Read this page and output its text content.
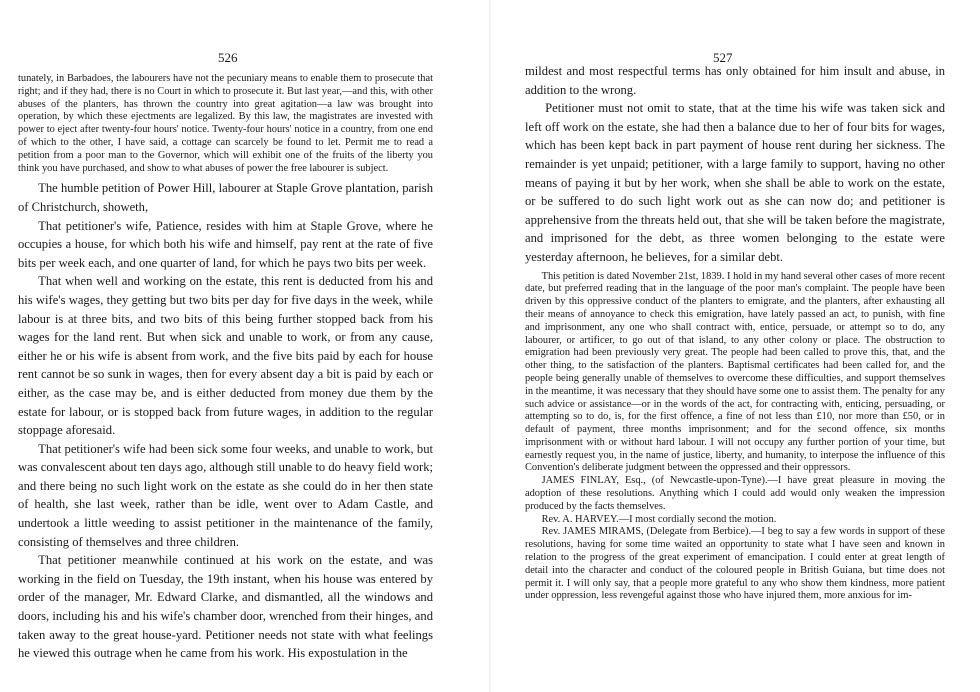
526

tunately, in Barbadoes, the labourers have not the pecuniary means to enable them to prosecute that right; and if they had, there is no Court in which to prosecute it. But last year,—and this, with other abuses of the planters, has thrown the country into great agitation—a law was brought into operation, by which these ejectments are legalized. By this law, the magistrates are invested with power to eject after twenty-four hours' notice. Twenty-four hours' notice in a country, from one end of which to the other, I have said, a cottage can scarcely be found to let. Permit me to read a petition from a poor man to the Governor, which will exhibit one of the fruits of the liberty you think you have purchased, and show to what abuses of power the free labourer is subject.

The humble petition of Power Hill, labourer at Staple Grove plantation, parish of Christchurch, showeth,

That petitioner's wife, Patience, resides with him at Staple Grove, where he occupies a house, for which both his wife and himself, pay rent at the rate of five bits per week each, and one quarter of land, for which he pays two bits per week.

That when well and working on the estate, this rent is deducted from his and his wife's wages, they getting but two bits per day for five days in the week, while labour is at three bits, and two bits of this being further stopped back from his wages for the land rent. But when sick and unable to work, or from any cause, either he or his wife is absent from work, and the five bits paid by each for house rent cannot be so sunk in wages, then for every absent day a bit is paid by each or either, as the case may be, and is either deducted from money due them by the estate for labour, or is stopped back from future wages, in addition to the regular stoppage aforesaid.

That petitioner's wife had been sick some four weeks, and unable to work, but was convalescent about ten days ago, although still unable to do heavy field work; and there being no such light work on the estate as she could do in her then state of health, she last week, rather than be idle, went over to Adam Castle, and undertook a little weeding to assist petitioner in the maintenance of the family, consisting of themselves and three children.

That petitioner meanwhile continued at his work on the estate, and was working in the field on Tuesday, the 19th instant, when his house was entered by order of the manager, Mr. Edward Clarke, and dismantled, all the windows and doors, including his and his wife's chamber door, wrenched from their hinges, and taken away to the great house-yard. Petitioner needs not state with what feelings he viewed this outrage when he came from his work. His expostulation in the

527

mildest and most respectful terms has only obtained for him insult and abuse, in addition to the wrong.

Petitioner must not omit to state, that at the time his wife was taken sick and left off work on the estate, she had then a balance due to her of four bits for wages, which has been kept back in part payment of house rent during her sickness. The remainder is yet unpaid; petitioner, with a large family to support, having no other means of paying it but by her work, when she shall be able to work on the estate, or be suffered to do such light work out as she can now do; and petitioner is apprehensive from the threats held out, that she will be taken before the magistrate, and imprisoned for the debt, as three women belonging to the estate were yesterday afternoon, he believes, for a similar debt.

This petition is dated November 21st, 1839. I hold in my hand several other cases of more recent date, but preferred reading that in the language of the poor man's complaint. The people have been driven by this oppressive conduct of the planters to emigrate, and the planters, after exhausting all their means of annoyance to check this emigration, have lately passed an act, to punish, with fine and imprisonment, any one who shall contract with, entice, persuade, or attempt so to do, any labourer, or artificer, to go out of that island, to any other colony or place. The obstruction to emigration had been previously very great. The people had been called to prove this, that, and the other thing, to the satisfaction of the planters. Baptismal certificates had been called for, and the people being generally unable of themselves to overcome these difficulties, and support themselves in the meantime, it was necessary that they should have some one to assist them. The penalty for any such advice or assistance—or in the words of the act, for contracting with, enticing, persuading, or attempting so to do, is, for the first offence, a fine of not less than £10, nor more than £50, or in default of payment, three months imprisonment; and for the second offence, six months imprisonment with or without hard labour. I will not occupy any further portion of your time, but earnestly request you, in the name of justice, liberty, and humanity, to interpose the influence of this Convention's deliberate judgment between the oppressed and their oppressors.

JAMES FINLAY, Esq., (of Newcastle-upon-Tyne).—I have great pleasure in moving the adoption of these resolutions. Anything which I could add would only weaken the impression produced by the facts themselves.

Rev. A. HARVEY.—I most cordially second the motion.

Rev. JAMES MIRAMS, (Delegate from Berbice).—I beg to say a few words in support of these resolutions, having for some time waited an opportunity to state what I have seen and known in relation to the progress of the great experiment of emancipation. I could enter at great length of detail into the character and conduct of the coloured people in British Guiana, but time does not permit it. I will only say, that a people more grateful to any who show them kindness, more patient under oppression, less revengeful against those who have injured them, more anxious for im-
